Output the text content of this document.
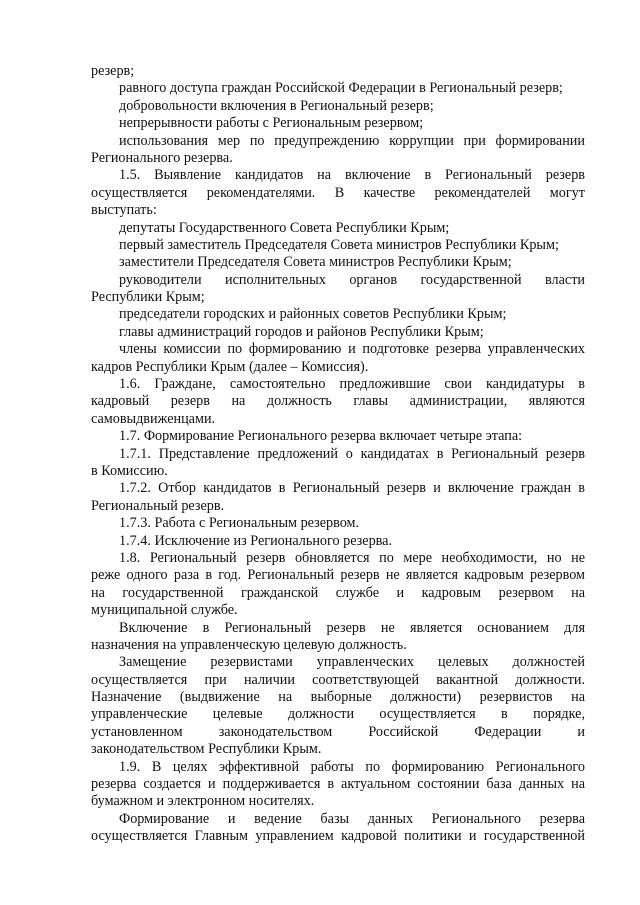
резерв;
равного доступа граждан Российской Федерации в Региональный резерв;
добровольности включения в Региональный резерв;
непрерывности работы с Региональным резервом;
использования мер по предупреждению коррупции при формировании
Регионального резерва.
1.5. Выявление кандидатов на включение в Региональный резерв
осуществляется рекомендателями. В качестве рекомендателей могут
выступать:
депутаты Государственного Совета Республики Крым;
первый заместитель Председателя Совета министров Республики Крым;
заместители Председателя Совета министров Республики Крым;
руководители исполнительных органов государственной власти
Республики Крым;
председатели городских и районных советов Республики Крым;
главы администраций городов и районов Республики Крым;
члены комиссии по формированию и подготовке резерва управленческих
кадров Республики Крым (далее – Комиссия).
1.6. Граждане, самостоятельно предложившие свои кандидатуры в
кадровый резерв на должность главы администрации, являются
самовыдвиженцами.
1.7. Формирование Регионального резерва включает четыре этапа:
1.7.1. Представление предложений о кандидатах в Региональный резерв
в Комиссию.
1.7.2. Отбор кандидатов в Региональный резерв и включение граждан в
Региональный резерв.
1.7.3. Работа с Региональным резервом.
1.7.4. Исключение из Регионального резерва.
1.8. Региональный резерв обновляется по мере необходимости, но не
реже одного раза в год. Региональный резерв не является кадровым резервом
на государственной гражданской службе и кадровым резервом на
муниципальной службе.
Включение в Региональный резерв не является основанием для
назначения на управленческую целевую должность.
Замещение резервистами управленческих целевых должностей
осуществляется при наличии соответствующей вакантной должности.
Назначение (выдвижение на выборные должности) резервистов на
управленческие целевые должности осуществляется в порядке,
установленном законодательством Российской Федерации и
законодательством Республики Крым.
1.9. В целях эффективной работы по формированию Регионального
резерва создается и поддерживается в актуальном состоянии база данных на
бумажном и электронном носителях.
Формирование и ведение базы данных Регионального резерва
осуществляется Главным управлением кадровой политики и государственной
